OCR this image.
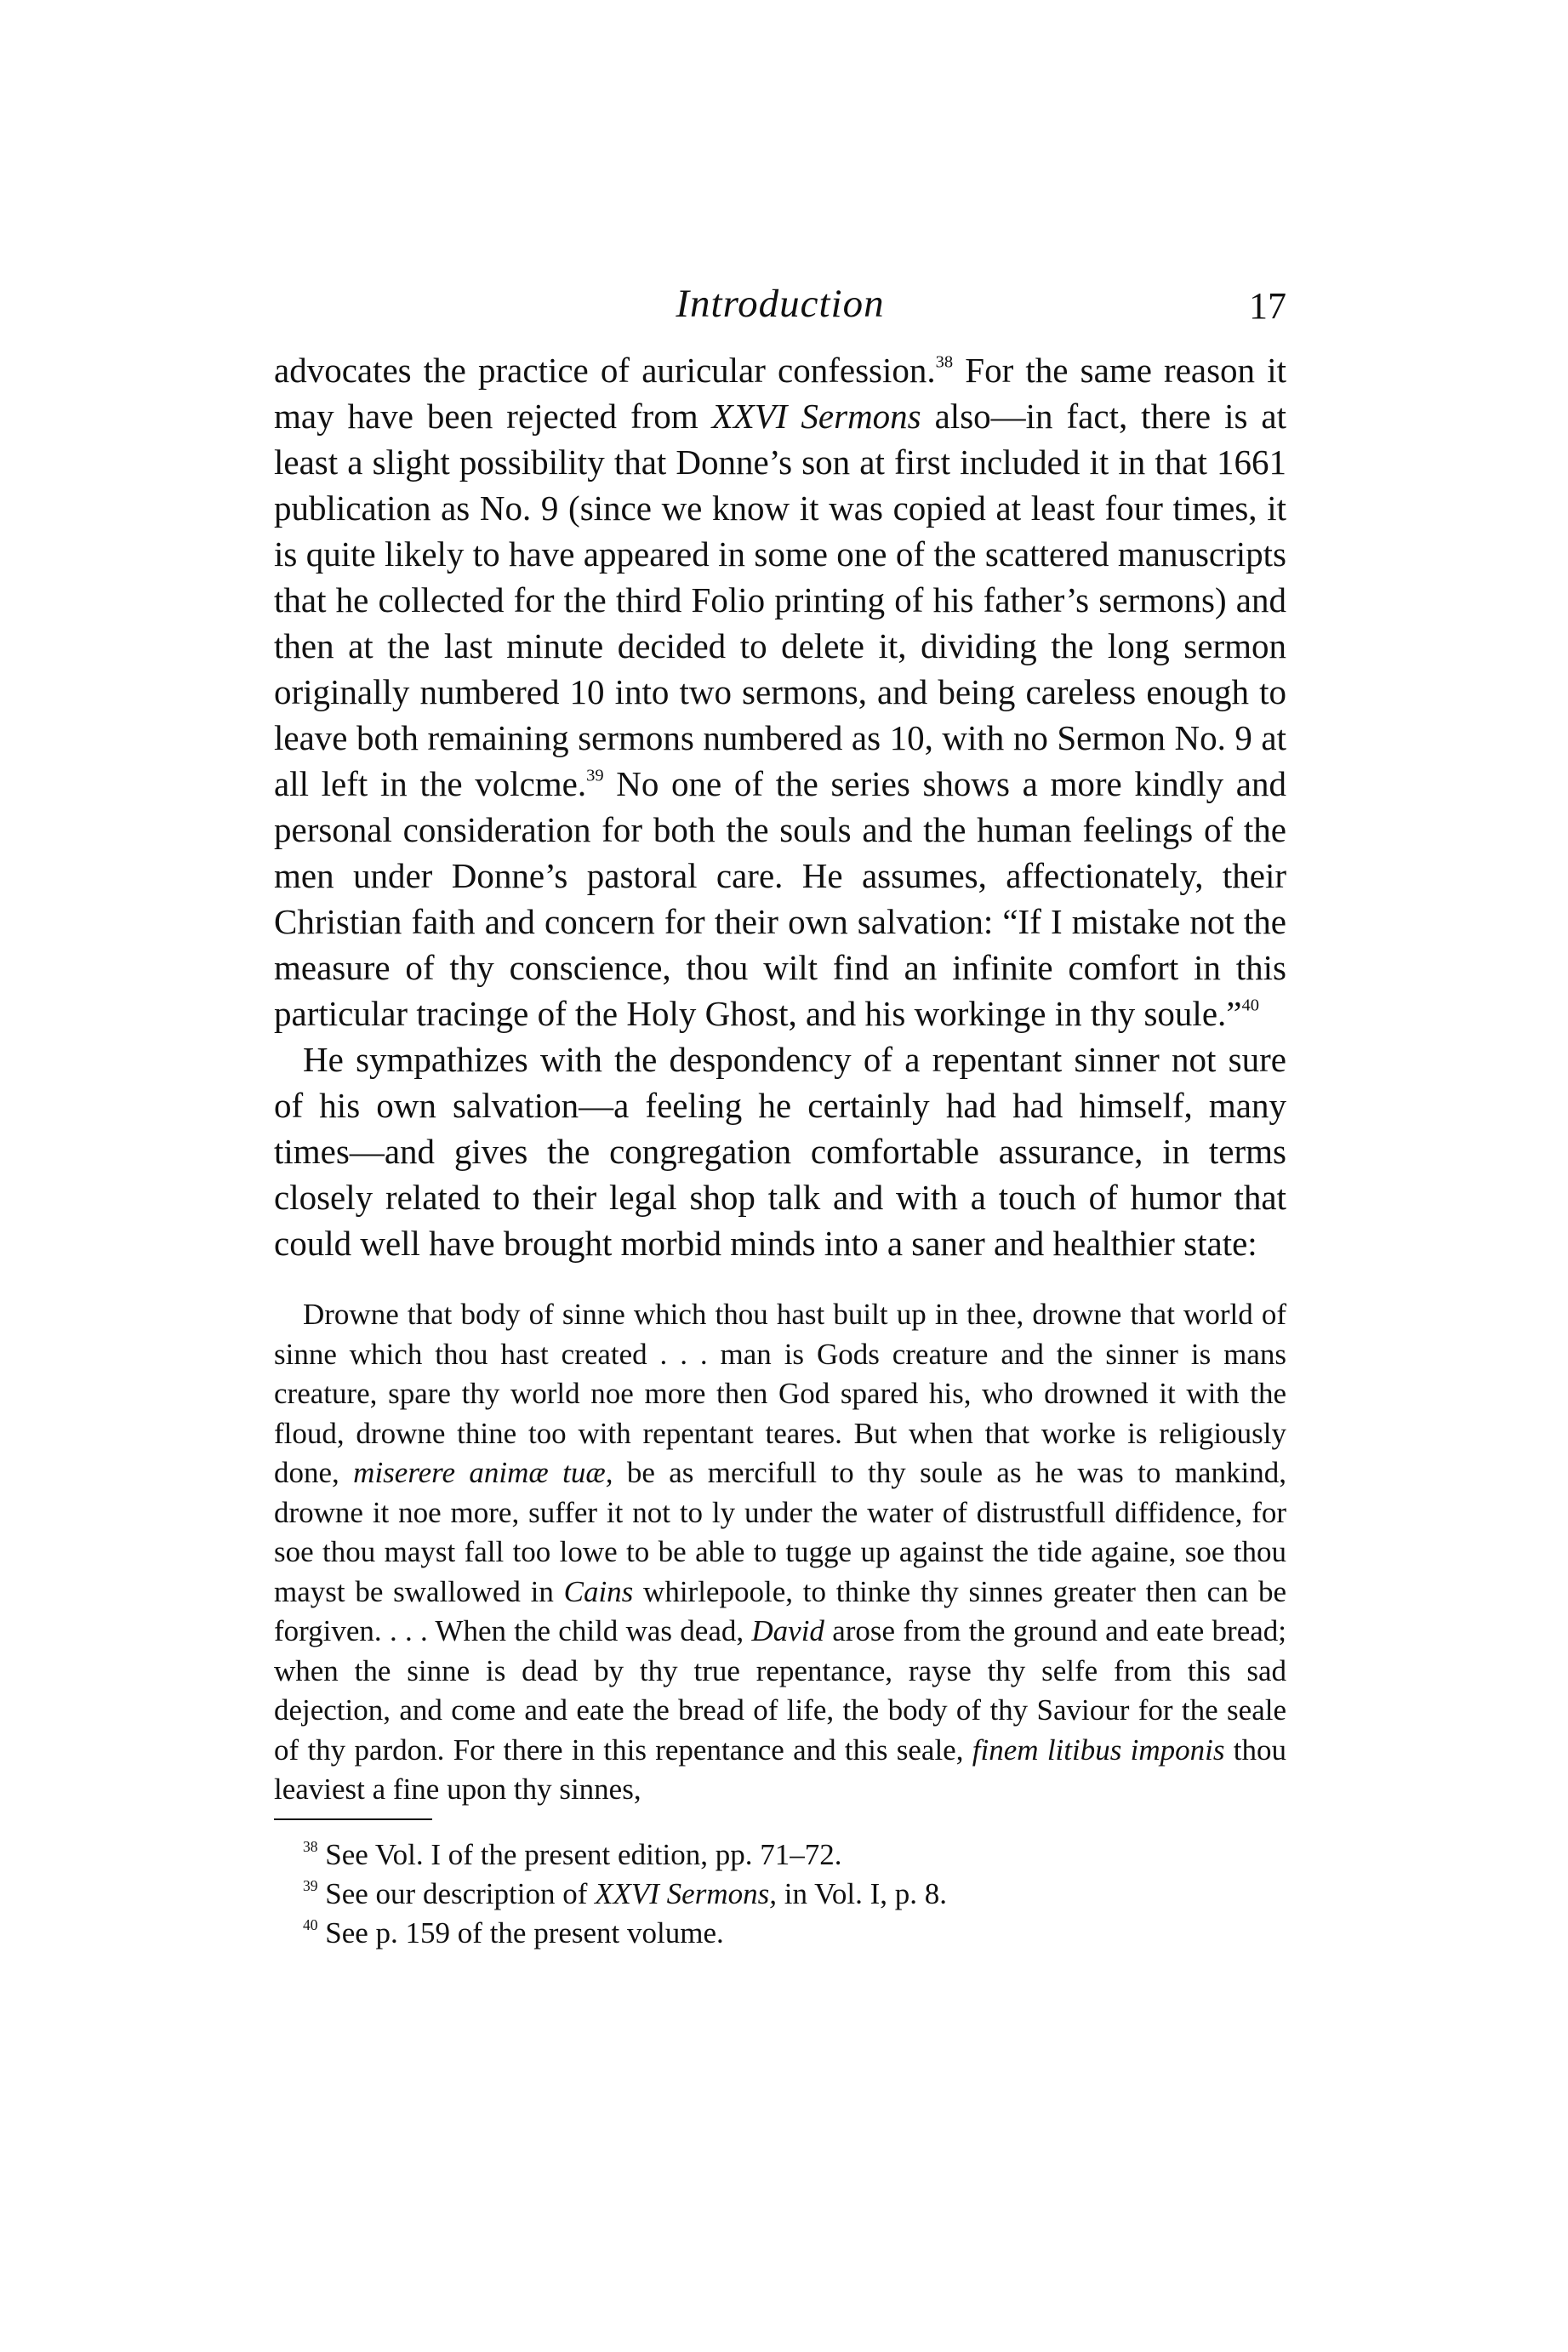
Introduction	17

advocates the practice of auricular confession.$^{38}$ For the same reason it may have been rejected from XXVI Sermons also—in fact, there is at least a slight possibility that Donne’s son at first included it in that 1661 publication as No. 9 (since we know it was copied at least four times, it is quite likely to have appeared in some one of the scattered manuscripts that he collected for the third Folio printing of his father’s sermons) and then at the last minute decided to delete it, dividing the long sermon originally numbered 10 into two sermons, and being careless enough to leave both remaining sermons numbered as 10, with no Sermon No. 9 at all left in the volcme.$^{39}$ No one of the series shows a more kindly and personal consideration for both the souls and the human feelings of the men under Donne’s pastoral care. He assumes, affectionately, their Christian faith and concern for their own salvation: “If I mistake not the measure of thy conscience, thou wilt find an infinite comfort in this particular tracinge of the Holy Ghost, and his workinge in thy soule.”$^{40}$

He sympathizes with the despondency of a repentant sinner not sure of his own salvation—a feeling he certainly had had himself, many times—and gives the congregation comfortable assurance, in terms closely related to their legal shop talk and with a touch of humor that could well have brought morbid minds into a saner and healthier state:

Drowne that body of sinne which thou hast built up in thee, drowne that world of sinne which thou hast created . . . man is Gods creature and the sinner is mans creature, spare thy world noe more then God spared his, who drowned it with the floud, drowne thine too with repentant teares. But when that worke is religiously done, miserere animæ tuæ, be as mercifull to thy soule as he was to mankind, drowne it noe more, suffer it not to ly under the water of distrustfull diffidence, for soe thou mayst fall too lowe to be able to tugge up against the tide againe, soe thou mayst be swallowed in Cains whirlepoole, to thinke thy sinnes greater then can be forgiven. . . . When the child was dead, David arose from the ground and eate bread; when the sinne is dead by thy true repentance, rayse thy selfe from this sad dejection, and come and eate the bread of life, the body of thy Saviour for the seale of thy pardon. For there in this repentance and this seale, finem litibus imponis thou leaviest a fine upon thy sinnes,

$^{38}$ See Vol. I of the present edition, pp. 71–72.

$^{39}$ See our description of XXVI Sermons, in Vol. I, p. 8.

$^{40}$ See p. 159 of the present volume.
